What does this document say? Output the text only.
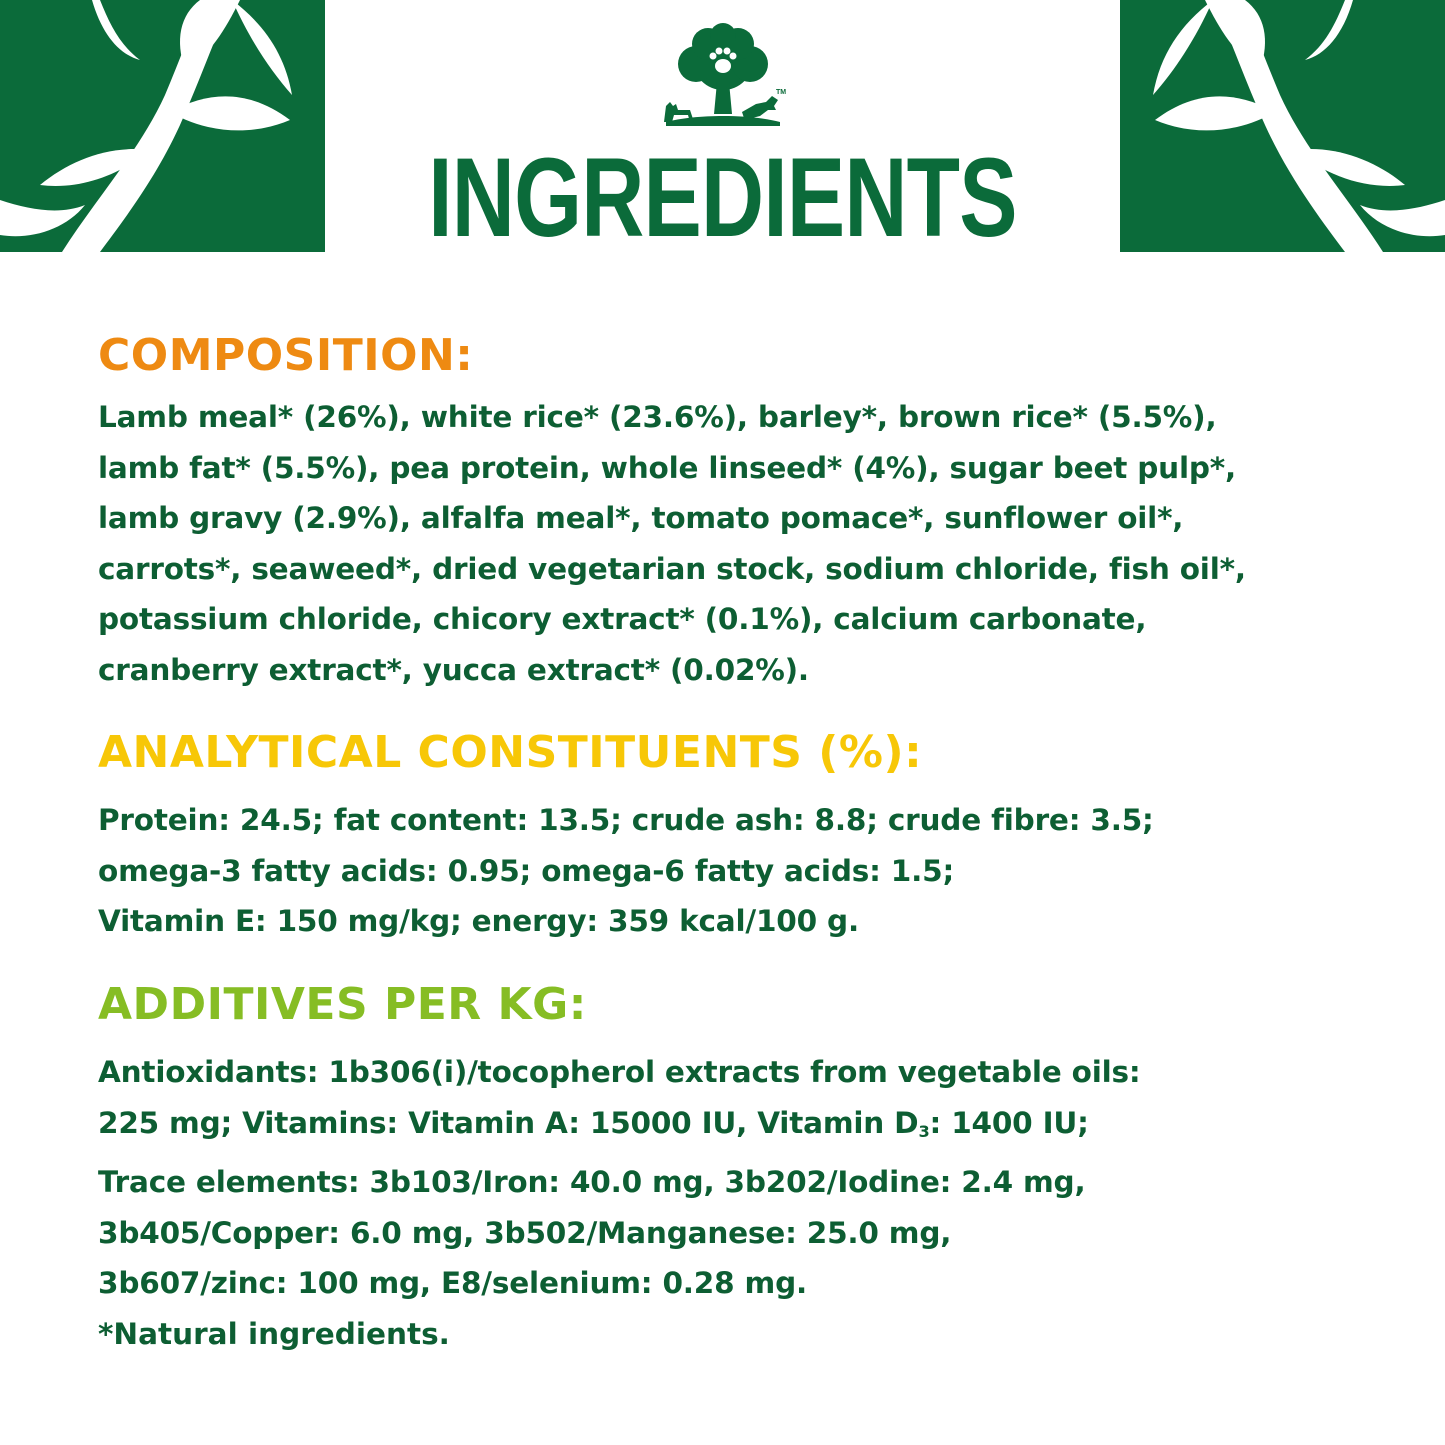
TM
INGREDIENTS
COMPOSITION:

Lamb meal* (26%), white rice* (23.6%), barley*, brown rice* (5.5%),
lamb fat* (5.5%), pea protein, whole linseed* (4%), sugar beet pulp*,
lamb gravy (2.9%), alfalfa meal*, tomato pomace*, sunflower oil*,
carrots*, seaweed*, dried vegetarian stock, sodium chloride, fish oil*,
potassium chloride, chicory extract* (0.1%), calcium carbonate,
cranberry extract*, yucca extract* (0.02%).

ANALYTICAL CONSTITUENTS (%):

Protein: 24.5; fat content: 13.5; crude ash: 8.8; crude fibre: 3.5;
omega-3 fatty acids: 0.95; omega-6 fatty acids: 1.5;
Vitamin E: 150 mg/kg; energy: 359 kcal/100 g.

ADDITIVES PER KG:

Antioxidants: 1b306(i)/tocopherol extracts from vegetable oils:
225 mg; Vitamins: Vitamin A: 15000 IU, Vitamin $D_3$: 1400 IU;
Trace elements: 3b103/Iron: 40.0 mg, 3b202/Iodine: 2.4 mg,
3b405/Copper: 6.0 mg, 3b502/Manganese: 25.0 mg,
3b607/zinc: 100 mg, E8/selenium: 0.28 mg.

*Natural ingredients.
